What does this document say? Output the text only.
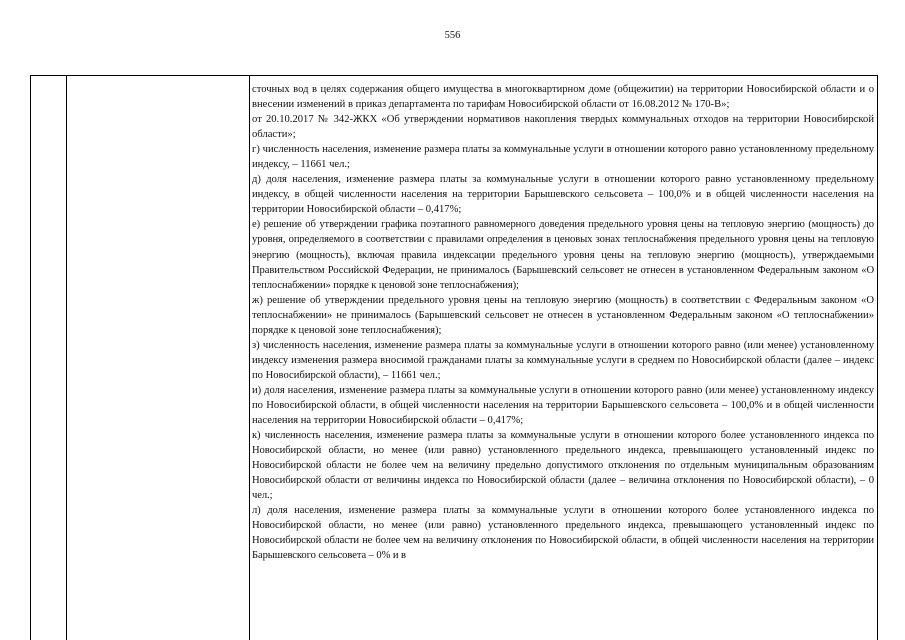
556

сточных вод в целях содержания общего имущества в многоквартирном доме (общежитии) на территории Новосибирской области и о внесении изменений в приказ департамента по тарифам Новосибирской области от 16.08.2012 № 170-В»;

от 20.10.2017 № 342-ЖКХ «Об утверждении нормативов накопления твердых коммунальных отходов на территории Новосибирской области»;

г) численность населения, изменение размера платы за коммунальные услуги в отношении которого равно установленному предельному индексу, – 11661 чел.;

д) доля населения, изменение размера платы за коммунальные услуги в отношении которого равно установленному предельному индексу, в общей численности населения на территории Барышевского сельсовета – 100,0% и в общей численности населения на территории Новосибирской области – 0,417%;

е) решение об утверждении графика поэтапного равномерного доведения предельного уровня цены на тепловую энергию (мощность) до уровня, определяемого в соответствии с правилами определения в ценовых зонах теплоснабжения предельного уровня цены на тепловую энергию (мощность), включая правила индексации предельного уровня цены на тепловую энергию (мощность), утверждаемыми Правительством Российской Федерации, не принималось (Барышевский сельсовет не отнесен в установленном Федеральным законом «О теплоснабжении» порядке к ценовой зоне теплоснабжения);

ж) решение об утверждении предельного уровня цены на тепловую энергию (мощность) в соответствии с Федеральным законом «О теплоснабжении» не принималось (Барышевский сельсовет не отнесен в установленном Федеральным законом «О теплоснабжении» порядке к ценовой зоне теплоснабжения);

з) численность населения, изменение размера платы за коммунальные услуги в отношении которого равно (или менее) установленному индексу изменения размера вносимой гражданами платы за коммунальные услуги в среднем по Новосибирской области (далее – индекс по Новосибирской области), – 11661 чел.;

и) доля населения, изменение размера платы за коммунальные услуги в отношении которого равно (или менее) установленному индексу по Новосибирской области, в общей численности населения на территории Барышевского сельсовета – 100,0% и в общей численности населения на территории Новосибирской области – 0,417%;

к) численность населения, изменение размера платы за коммунальные услуги в отношении которого более установленного индекса по Новосибирской области, но менее (или равно) установленного предельного индекса, превышающего установленный индекс по Новосибирской области не более чем на величину предельно допустимого отклонения по отдельным муниципальным образованиям Новосибирской области от величины индекса по Новосибирской области (далее – величина отклонения по Новосибирской области), – 0 чел.;

л) доля населения, изменение размера платы за коммунальные услуги в отношении которого более установленного индекса по Новосибирской области, но менее (или равно) установленного предельного индекса, превышающего установленный индекс по Новосибирской области не более чем на величину отклонения по Новосибирской области, в общей численности населения на территории Барышевского сельсовета – 0% и в
